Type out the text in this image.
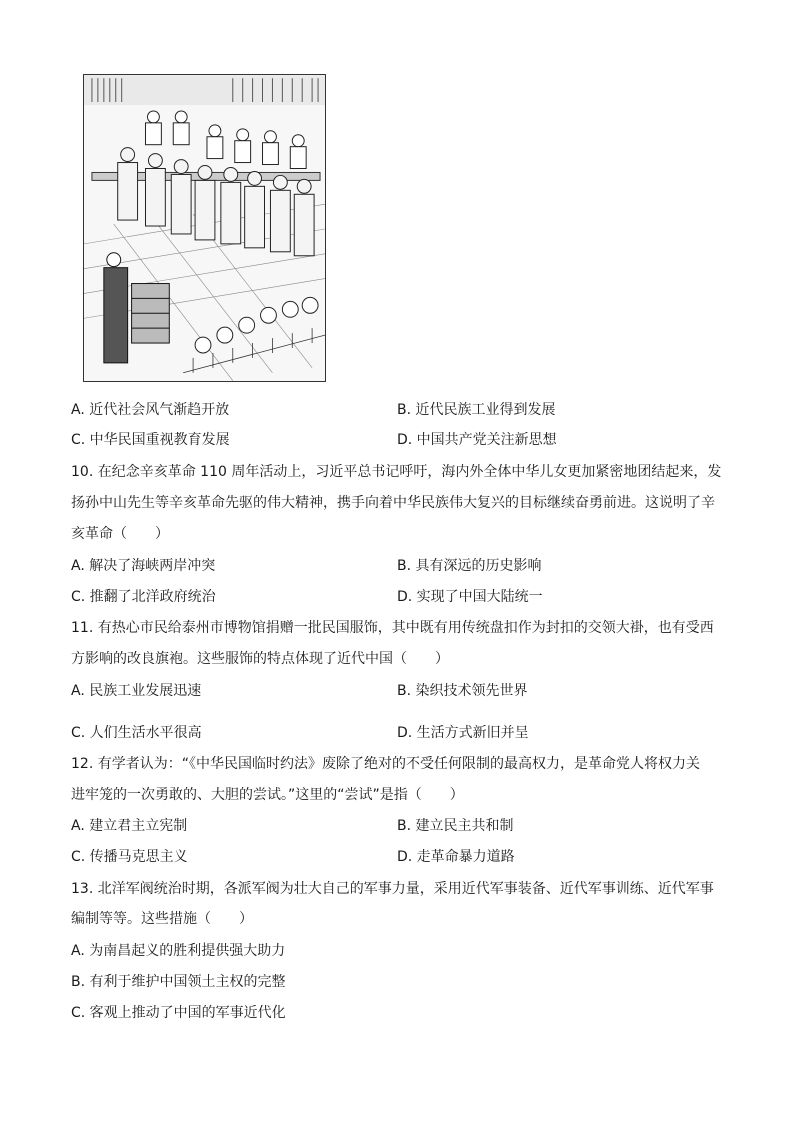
A. 近代社会风气渐趋开放	B. 近代民族工业得到发展
C. 中华民国重视教育发展	D. 中国共产党关注新思想
10. 在纪念辛亥革命 110 周年活动上，习近平总书记呼吁，海内外全体中华儿女更加紧密地团结起来，发
扬孙中山先生等辛亥革命先驱的伟大精神，携手向着中华民族伟大复兴的目标继续奋勇前进。这说明了辛
亥革命（　　）
A. 解决了海峡两岸冲突	B. 具有深远的历史影响
C. 推翻了北洋政府统治	D. 实现了中国大陆统一
11. 有热心市民给泰州市博物馆捐赠一批民国服饰，其中既有用传统盘扣作为封扣的交领大褂，也有受西
方影响的改良旗袍。这些服饰的特点体现了近代中国（　　）
A. 民族工业发展迅速	B. 染织技术领先世界
C. 人们生活水平很高	D. 生活方式新旧并呈
12. 有学者认为：“《中华民国临时约法》废除了绝对的不受任何限制的最高权力，是革命党人将权力关
进牢笼的一次勇敢的、大胆的尝试。”这里的“尝试”是指（　　）
A. 建立君主立宪制	B. 建立民主共和制
C. 传播马克思主义	D. 走革命暴力道路
13. 北洋军阀统治时期，各派军阀为壮大自己的军事力量，采用近代军事装备、近代军事训练、近代军事
编制等等。这些措施（　　）
A. 为南昌起义的胜利提供强大助力
B. 有利于维护中国领土主权的完整
C. 客观上推动了中国的军事近代化
